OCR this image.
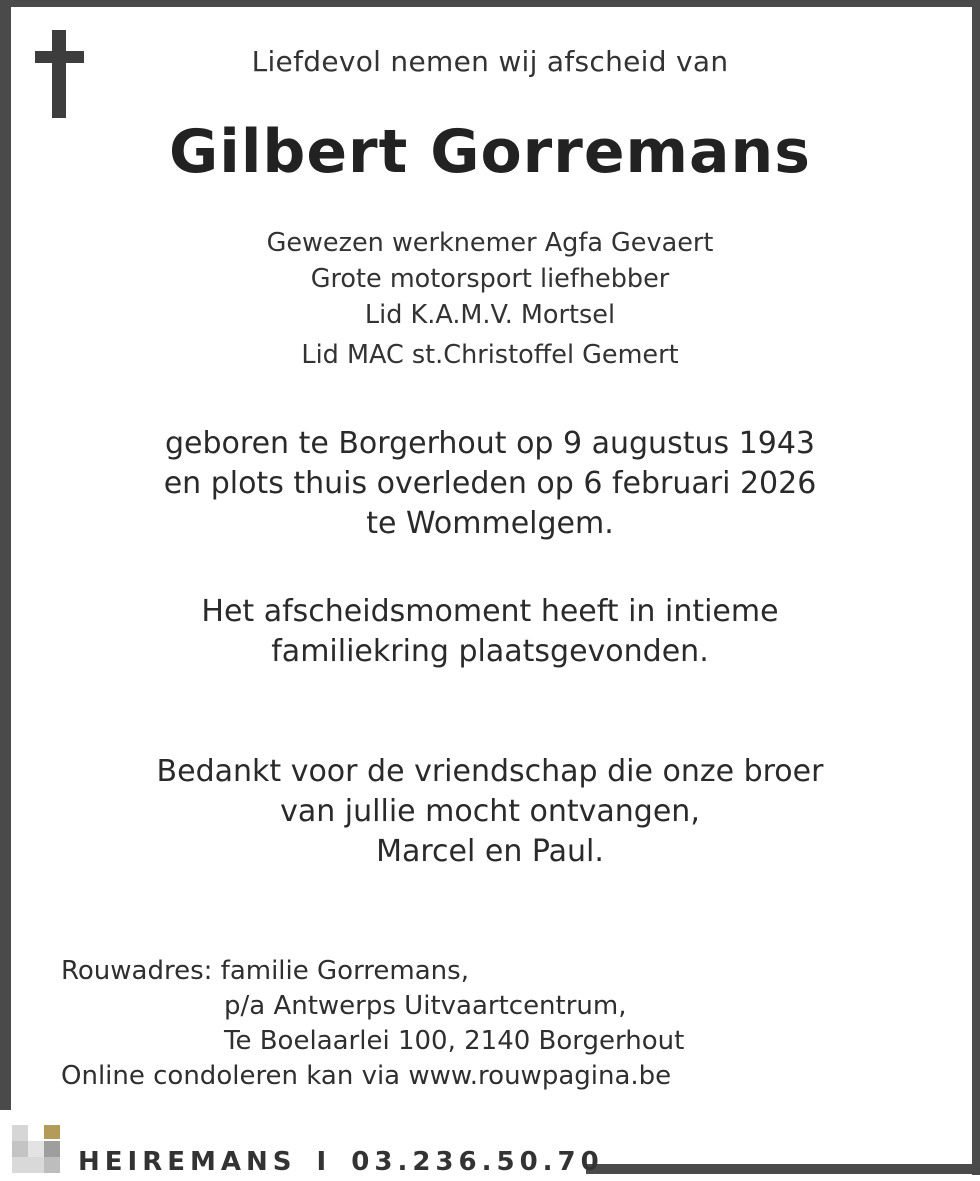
Liefdevol nemen wij afscheid van
Gilbert Gorremans
Gewezen werknemer Agfa Gevaert
Grote motorsport liefhebber
Lid K.A.M.V. Mortsel
Lid MAC st.Christoffel Gemert
geboren te Borgerhout op 9 augustus 1943
en plots thuis overleden op 6 februari 2026
te Wommelgem.
Het afscheidsmoment heeft in intieme
familiekring plaatsgevonden.
Bedankt voor de vriendschap die onze broer
van jullie mocht ontvangen,
Marcel en Paul.
Rouwadres: familie Gorremans,
p/a Antwerps Uitvaartcentrum,
Te Boelaarlei 100, 2140 Borgerhout
Online condoleren kan via www.rouwpagina.be
HEIREMANS I 03.236.50.70
